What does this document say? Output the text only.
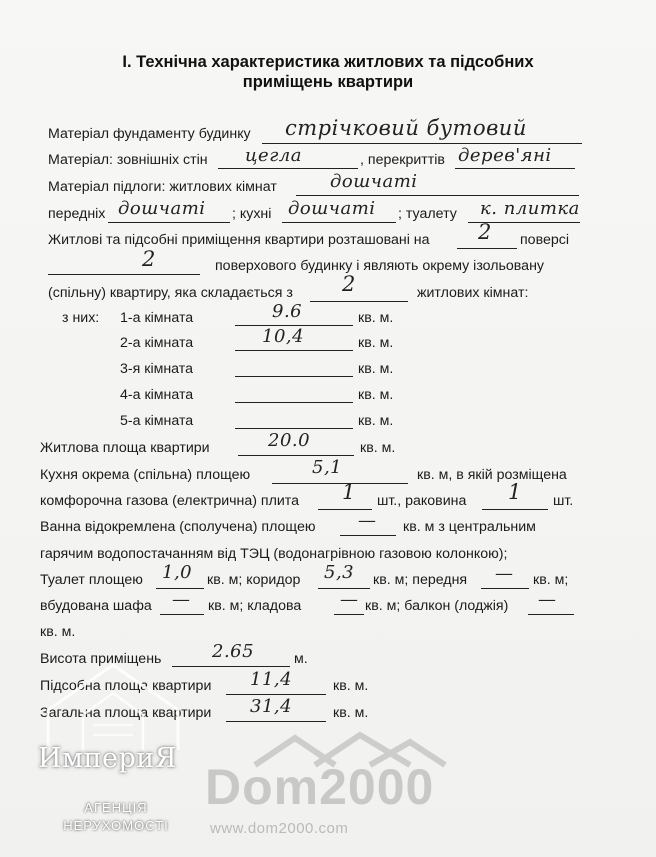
І. Технічна характеристика житлових та підсобних
приміщень квартири
Матеріал фундаменту будинку стрічковий бутовий
Матеріал: зовнішніх стін цегла	, перекриттів дерев'яні
Матеріал підлоги: житлових кімнат	дошчаті
передніх дошчаті ; кухні дошчаті ; туалету к. плитка
Житлові та підсобні приміщення квартири розташовані на 2 поверсі
2	поверхового будинку і являють окрему ізольовану
(спільну) квартиру, яка складається з 2	житлових кімнат:
з них: 1-а кімната	9.6	кв. м.
2-а кімната	10,4	кв. м.
3-я кімната	кв. м.
4-а кімната	кв. м.
5-а кімната	кв. м.
Житлова площа квартири	20.0	кв. м.
Кухня окрема (спільна) площею	5,1	кв. м, в якій розміщена
комфорочна газова (електрична) плита 1 шт., раковина 1 шт.
Ванна відокремлена (сполучена) площею — кв. м з центральним
гарячим водопостачанням від ТЭЦ (водонагрівною газовою колонкою);
Туалет площею 1,0 кв. м; коридор 5,3 кв. м; передня — кв. м;
вбудована шафа — кв. м; кладова — кв. м; балкон (лоджія) —
кв. м.
Висота приміщень	2.65	м.
Підсобна площа квартири 11,4	кв. м.
Загальна площа квартири 31,4	кв. м.
ИмпериЯ
АГЕНЦІЯ
НЕРУХОМОСТІ
Dom2000
www.dom2000.com
